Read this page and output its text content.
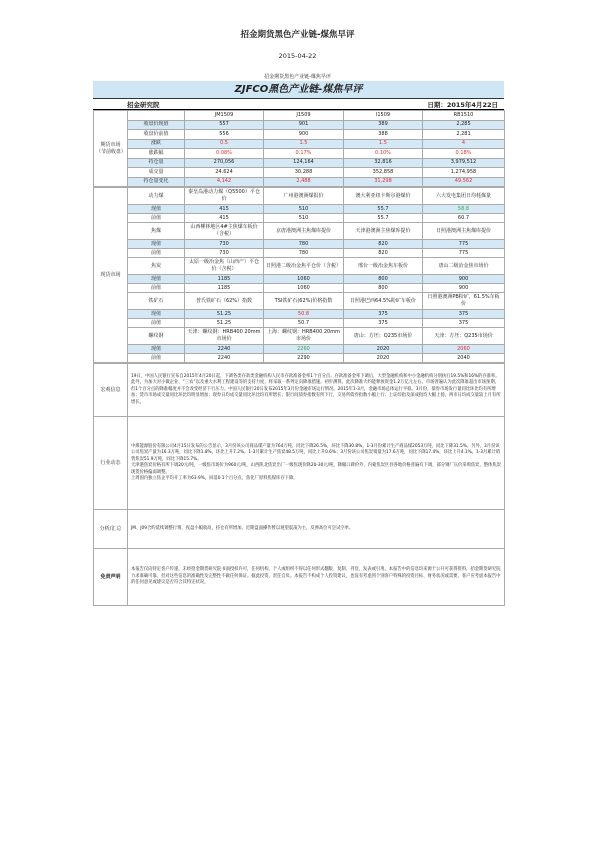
招金期货黑色产业链-煤焦早评
2015-04-22
招金期货黑色产业链-煤焦早评
ZJFCO黑色产业链-煤焦早评
招金研究院	日期：2015年4月22日
期货市场
（节前收盘）		JM1509	J1509	I1509	RB1510
	收盘价现值	557	901	389	2,285
	收盘价前值	556	900	388	2,281
	涨跌	0.5	1.5	1.5	4
	涨跌幅	0.08%	0.17%	0.10%	0.18%
	持仓量	270,056	124,164	32,816	3,979,512
	成交量	24,624	30,288	352,858	1,274,958
	持仓量变化	4,142	2,488	31,298	49,562
现货市场	动力煤	秦皇岛港动力煤（Q5500）平仓价	广州港澳洲煤报价	澳大利亚纽卡斯尔港煤价	六大发电集团日均耗煤量
	现值	415	510	55.7	58.8
	前值	415	510	55.7	60.7
	焦煤	山西柳林地区4#主焦煤车板价（含税）	京唐港澳洲主焦煤库提价	天津港澳洲主焦煤库提价	日照港澳洲主焦煤库提价
	现值	730	780	820	775
	前值	730	780	820	775
	焦炭	太原一级冶金焦（山西产）平仓价（含税）	日照港二级冶金焦平仓价（含税）	邢台一级冶金焦车板价	唐山二级冶金焦市场价
	现值	1185	1060	800	900
	前值	1185	1060	800	900
	铁矿石	普氏铁矿石（62%）指数	TSI铁矿石(62%)价格指数	日照港巴西64.5%粉矿车板价	日照港澳洲PB粉矿，61.5%车板价
	现值	51.25	50.8	375	375
	前值	51.25	50.7	375	375
	螺纹钢	天津：螺纹钢：HRB400 20mm市场价	上海：螺纹钢：HRB400 20mm市场价	唐山：方坯：Q235市场价	天津：方坯：Q235市场价
	现值	2240	2260	2020	2060
	前值	2240	2290	2020	2040
宏观信息	19日，中国人民银行宣布自2015年4月20日起，下调各类存款类金融机构人民币存款准备金率1个百分点。存款准备金率下调后，大型金融机构和中小金融机构分别执行19.5%和16%的存准率。此外，为加大对小微企业、“三农”以及重大水利工程建设等的支持力度，将采取一系列定向降准措施。初步测算，此次降准大约能释放资金1.2万亿元左右。市场普遍认为此次降准超出市场预期，但1个百分点的降准幅度并不会改变经济下行压力。中国人民银行20日发布2015年3月份金融市场运行情况。2015年1-3月，金融市场总体运行平稳。3月份，债券市场发行量同比环比均有所增加；货币市场成交量同比环比均明显增加；现券日均成交量同比环比均有所增长；银行间债券指数有所下行，交易所债券指数小幅上行；上证综指及深成指均大幅上扬，两市日均成交量较上月有所增长。
行业动态	中煤能源股份有限公司4月15日发布的公告显示，3月份该公司商品煤产量为764万吨，同比下降26.5%，环比下降30.8%。1-3月份累计生产商品煤2053万吨，同比下降31.5%。另外，3月份该公司焦炭产量为16.3万吨，同比下降1.8%，环比上升7.2%。1-3月累计生产焦炭48.5万吨，同比上升0.6%；3月份该公司焦炭销量为17.6万吨，同比下降17.4%，环比上升4.1%。1-3月累计销售焦炭51.9万吨，同比下降15.7%。
天津港焦炭价格有所下调20元/吨，一级焦市场价为960元/吨，山西陕北焦炭出厂一级焦现价降20-30元/吨，降幅口碑价外，内蒙焦炭区县各地价格普遍有下调，部分钢厂压价采购焦炭，整体焦炭现货价格偏弱调整。
上周国内独立焦企平均开工率为63.9%，回落0.1个百分点，焦化厂原料焦煤库存下降。
分析/汇总	JM、J09合约延续调整行情，夜盘小幅收高，持仓有所增加，近期盘面操作暂以观望震荡为主，反弹高位可尝试空单。
免责声明	本报告仅向特定客户传递，未经招金期货研究院书面授权许可，任何机构、个人或组织不得以任何形式翻版、复制、刊登、发表或引用。本报告中的信息均来源于公开可获得资料，招金期货研究院力求准确可靠，但对这些信息的准确性及完整性不做任何保证。据此投资，责任自负。本报告不构成个人投资建议，也没有考虑到个别客户特殊的投资目标、财务状况或需要。客户应考虑本报告中的任何意见或建议是否符合其特定状况。
